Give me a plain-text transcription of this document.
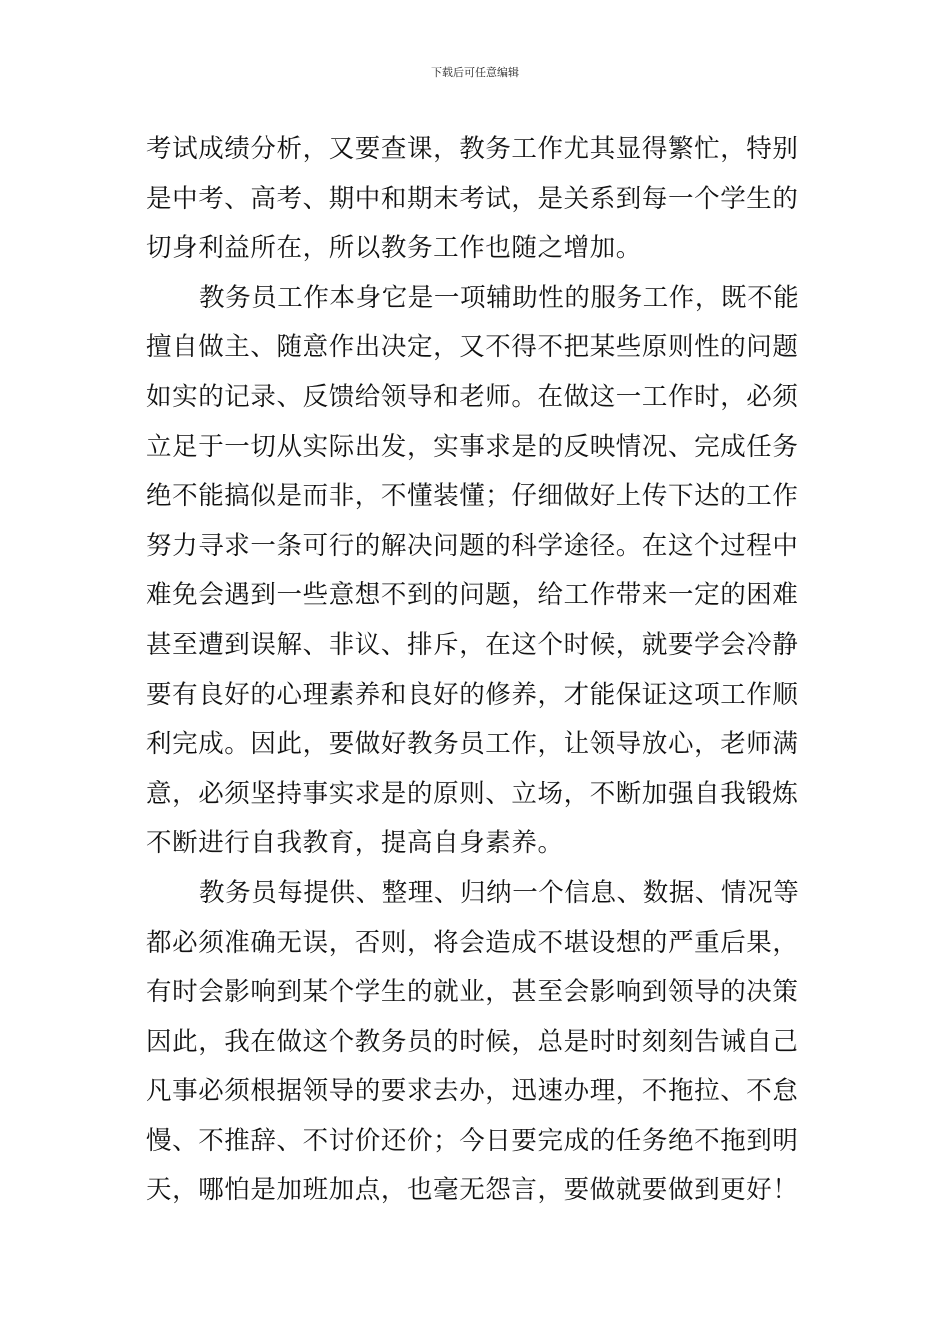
下载后可任意编辑
考试成绩分析，又要查课，教务工作尤其显得繁忙，特别
是中考、高考、期中和期末考试，是关系到每一个学生的
切身利益所在，所以教务工作也随之增加。
教务员工作本身它是一项辅助性的服务工作，既不能
擅自做主、随意作出决定，又不得不把某些原则性的问题
如实的记录、反馈给领导和老师。在做这一工作时，必须
立足于一切从实际出发，实事求是的反映情况、完成任务
绝不能搞似是而非，不懂装懂；仔细做好上传下达的工作
努力寻求一条可行的解决问题的科学途径。在这个过程中
难免会遇到一些意想不到的问题，给工作带来一定的困难
甚至遭到误解、非议、排斥，在这个时候，就要学会冷静
要有良好的心理素养和良好的修养，才能保证这项工作顺
利完成。因此，要做好教务员工作，让领导放心，老师满
意，必须坚持事实求是的原则、立场，不断加强自我锻炼
不断进行自我教育，提高自身素养。
教务员每提供、整理、归纳一个信息、数据、情况等
都必须准确无误，否则，将会造成不堪设想的严重后果，
有时会影响到某个学生的就业，甚至会影响到领导的决策
因此，我在做这个教务员的时候，总是时时刻刻告诫自己
凡事必须根据领导的要求去办，迅速办理，不拖拉、不怠
慢、不推辞、不讨价还价；今日要完成的任务绝不拖到明
天，哪怕是加班加点，也毫无怨言，要做就要做到更好！
